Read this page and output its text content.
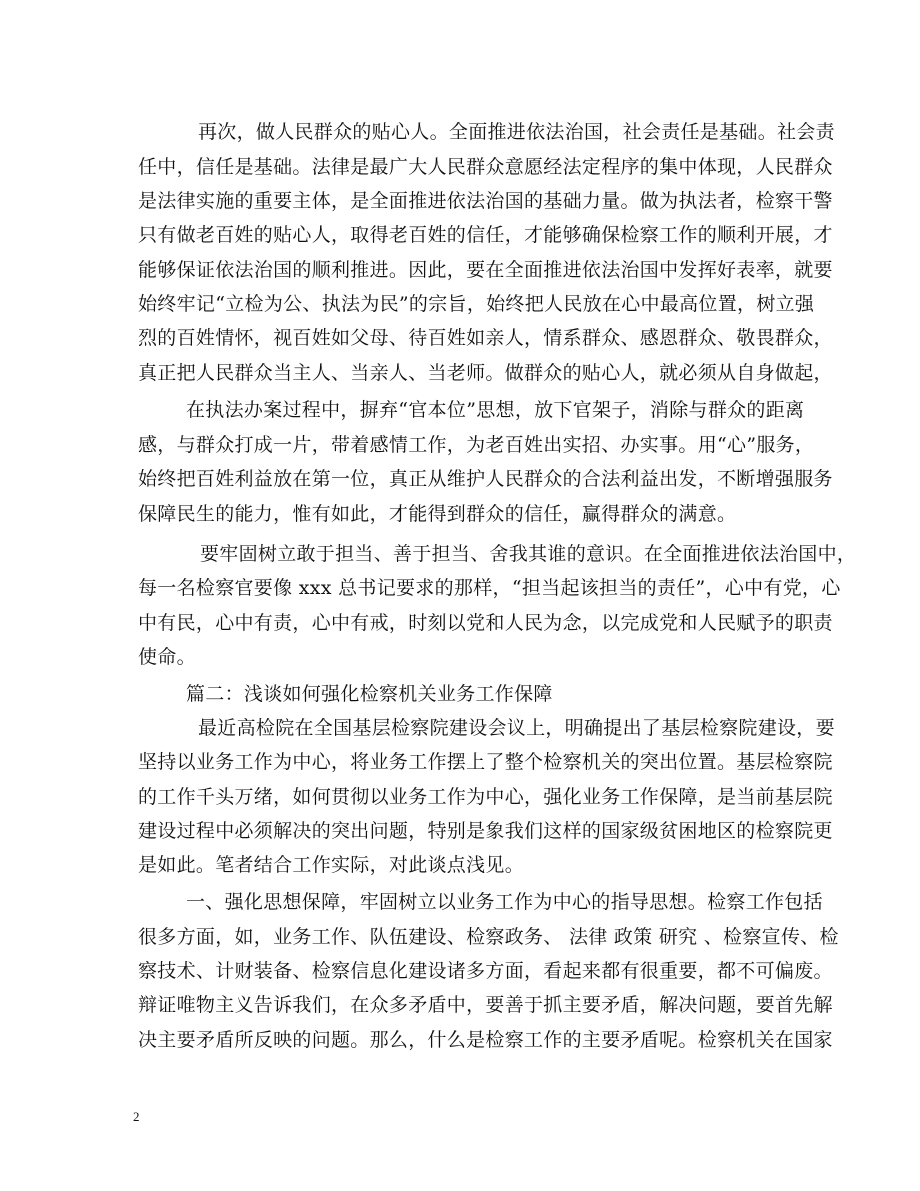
再次，做人民群众的贴心人。全面推进依法治国，社会责任是基础。社会责
任中，信任是基础。法律是最广大人民群众意愿经法定程序的集中体现，人民群众
是法律实施的重要主体，是全面推进依法治国的基础力量。做为执法者，检察干警
只有做老百姓的贴心人，取得老百姓的信任，才能够确保检察工作的顺利开展，才
能够保证依法治国的顺利推进。因此，要在全面推进依法治国中发挥好表率，就要
始终牢记“立检为公、执法为民”的宗旨，始终把人民放在心中最高位置，树立强
烈的百姓情怀，视百姓如父母、待百姓如亲人，情系群众、感恩群众、敬畏群众，
真正把人民群众当主人、当亲人、当老师。做群众的贴心人，就必须从自身做起，
在执法办案过程中，摒弃“官本位”思想，放下官架子，消除与群众的距离
感，与群众打成一片，带着感情工作，为老百姓出实招、办实事。用“心”服务，
始终把百姓利益放在第一位，真正从维护人民群众的合法利益出发，不断增强服务
保障民生的能力，惟有如此，才能得到群众的信任，赢得群众的满意。
要牢固树立敢于担当、善于担当、舍我其谁的意识。在全面推进依法治国中，
每一名检察官要像 xxx 总书记要求的那样，“担当起该担当的责任”，心中有党，心
中有民，心中有责，心中有戒，时刻以党和人民为念，以完成党和人民赋予的职责
使命。
篇二：浅谈如何强化检察机关业务工作保障
最近高检院在全国基层检察院建设会议上，明确提出了基层检察院建设，要
坚持以业务工作为中心，将业务工作摆上了整个检察机关的突出位置。基层检察院
的工作千头万绪，如何贯彻以业务工作为中心，强化业务工作保障，是当前基层院
建设过程中必须解决的突出问题，特别是象我们这样的国家级贫困地区的检察院更
是如此。笔者结合工作实际，对此谈点浅见。
一、强化思想保障，牢固树立以业务工作为中心的指导思想。检察工作包括
很多方面，如，业务工作、队伍建设、检察政务、 法律 政策 研究 、检察宣传、检
察技术、计财装备、检察信息化建设诸多方面，看起来都有很重要，都不可偏废。
辩证唯物主义告诉我们，在众多矛盾中，要善于抓主要矛盾，解决问题，要首先解
决主要矛盾所反映的问题。那么，什么是检察工作的主要矛盾呢。检察机关在国家
2
